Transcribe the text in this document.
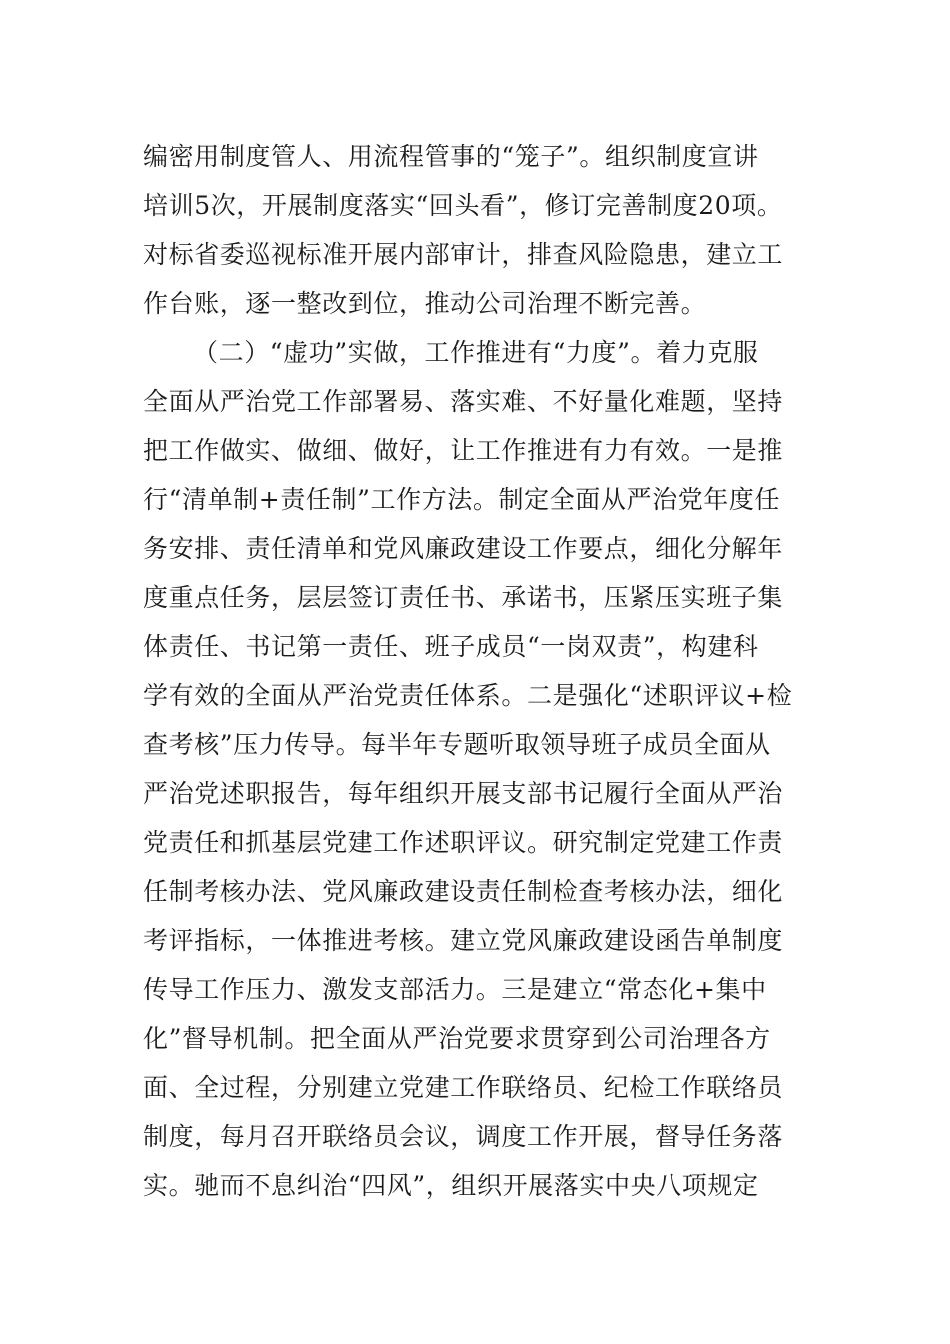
编密用制度管人、用流程管事的“笼子”。组织制度宣讲
培训5次，开展制度落实“回头看”，修订完善制度20项。
对标省委巡视标准开展内部审计，排查风险隐患，建立工
作台账，逐一整改到位，推动公司治理不断完善。
（二）“虚功”实做，工作推进有“力度”。着力克服
全面从严治党工作部署易、落实难、不好量化难题，坚持
把工作做实、做细、做好，让工作推进有力有效。一是推
行“清单制+责任制”工作方法。制定全面从严治党年度任
务安排、责任清单和党风廉政建设工作要点，细化分解年
度重点任务，层层签订责任书、承诺书，压紧压实班子集
体责任、书记第一责任、班子成员“一岗双责”，构建科
学有效的全面从严治党责任体系。二是强化“述职评议+检
查考核”压力传导。每半年专题听取领导班子成员全面从
严治党述职报告，每年组织开展支部书记履行全面从严治
党责任和抓基层党建工作述职评议。研究制定党建工作责
任制考核办法、党风廉政建设责任制检查考核办法，细化
考评指标，一体推进考核。建立党风廉政建设函告单制度
传导工作压力、激发支部活力。三是建立“常态化+集中
化”督导机制。把全面从严治党要求贯穿到公司治理各方
面、全过程，分别建立党建工作联络员、纪检工作联络员
制度，每月召开联络员会议，调度工作开展，督导任务落
实。驰而不息纠治“四风”，组织开展落实中央八项规定
